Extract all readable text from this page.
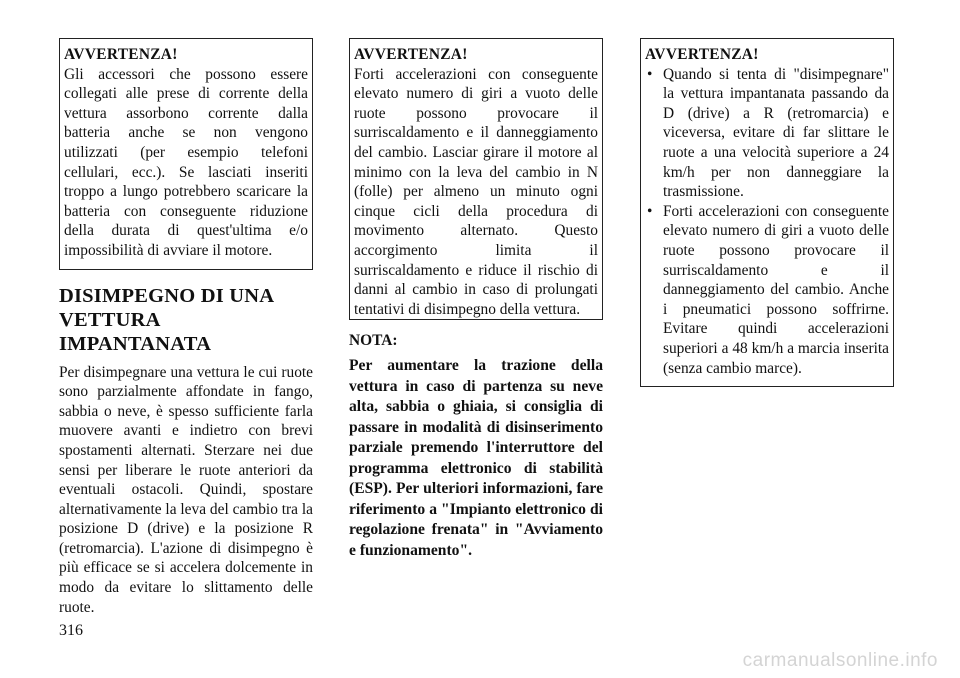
AVVERTENZA!
Gli accessori che possono essere collegati alle prese di corrente della vettura assorbono corrente dalla batteria anche se non vengono utilizzati (per esempio telefoni cellulari, ecc.). Se lasciati inseriti troppo a lungo potrebbero scaricare la batteria con conseguente riduzione della durata di quest'ultima e/o impossibilità di avviare il motore.
DISIMPEGNO DI UNA VETTURA IMPANTANATA
Per disimpegnare una vettura le cui ruote sono parzialmente affondate in fango, sabbia o neve, è spesso sufficiente farla muovere avanti e indietro con brevi spostamenti alternati. Sterzare nei due sensi per liberare le ruote anteriori da eventuali ostacoli. Quindi, spostare alternativamente la leva del cambio tra la posizione D (drive) e la posizione R (retromarcia). L'azione di disimpegno è più efficace se si accelera dolcemente in modo da evitare lo slittamento delle ruote.
AVVERTENZA!
Forti accelerazioni con conseguente elevato numero di giri a vuoto delle ruote possono provocare il surriscaldamento e il danneggiamento del cambio. Lasciar girare il motore al minimo con la leva del cambio in N (folle) per almeno un minuto ogni cinque cicli della procedura di movimento alternato. Questo accorgimento limita il surriscaldamento e riduce il rischio di danni al cambio in caso di prolungati tentativi di disimpegno della vettura.
NOTA:
Per aumentare la trazione della vettura in caso di partenza su neve alta, sabbia o ghiaia, si consiglia di passare in modalità di disinserimento parziale premendo l'interruttore del programma elettronico di stabilità (ESP). Per ulteriori informazioni, fare riferimento a "Impianto elettronico di regolazione frenata" in "Avviamento e funzionamento".
AVVERTENZA!
• Quando si tenta di "disimpegnare" la vettura impantanata passando da D (drive) a R (retromarcia) e viceversa, evitare di far slittare le ruote a una velocità superiore a 24 km/h per non danneggiare la trasmissione.
• Forti accelerazioni con conseguente elevato numero di giri a vuoto delle ruote possono provocare il surriscaldamento e il danneggiamento del cambio. Anche i pneumatici possono soffrirne. Evitare quindi accelerazioni superiori a 48 km/h a marcia inserita (senza cambio marce).
316
carmanualsonline.info
